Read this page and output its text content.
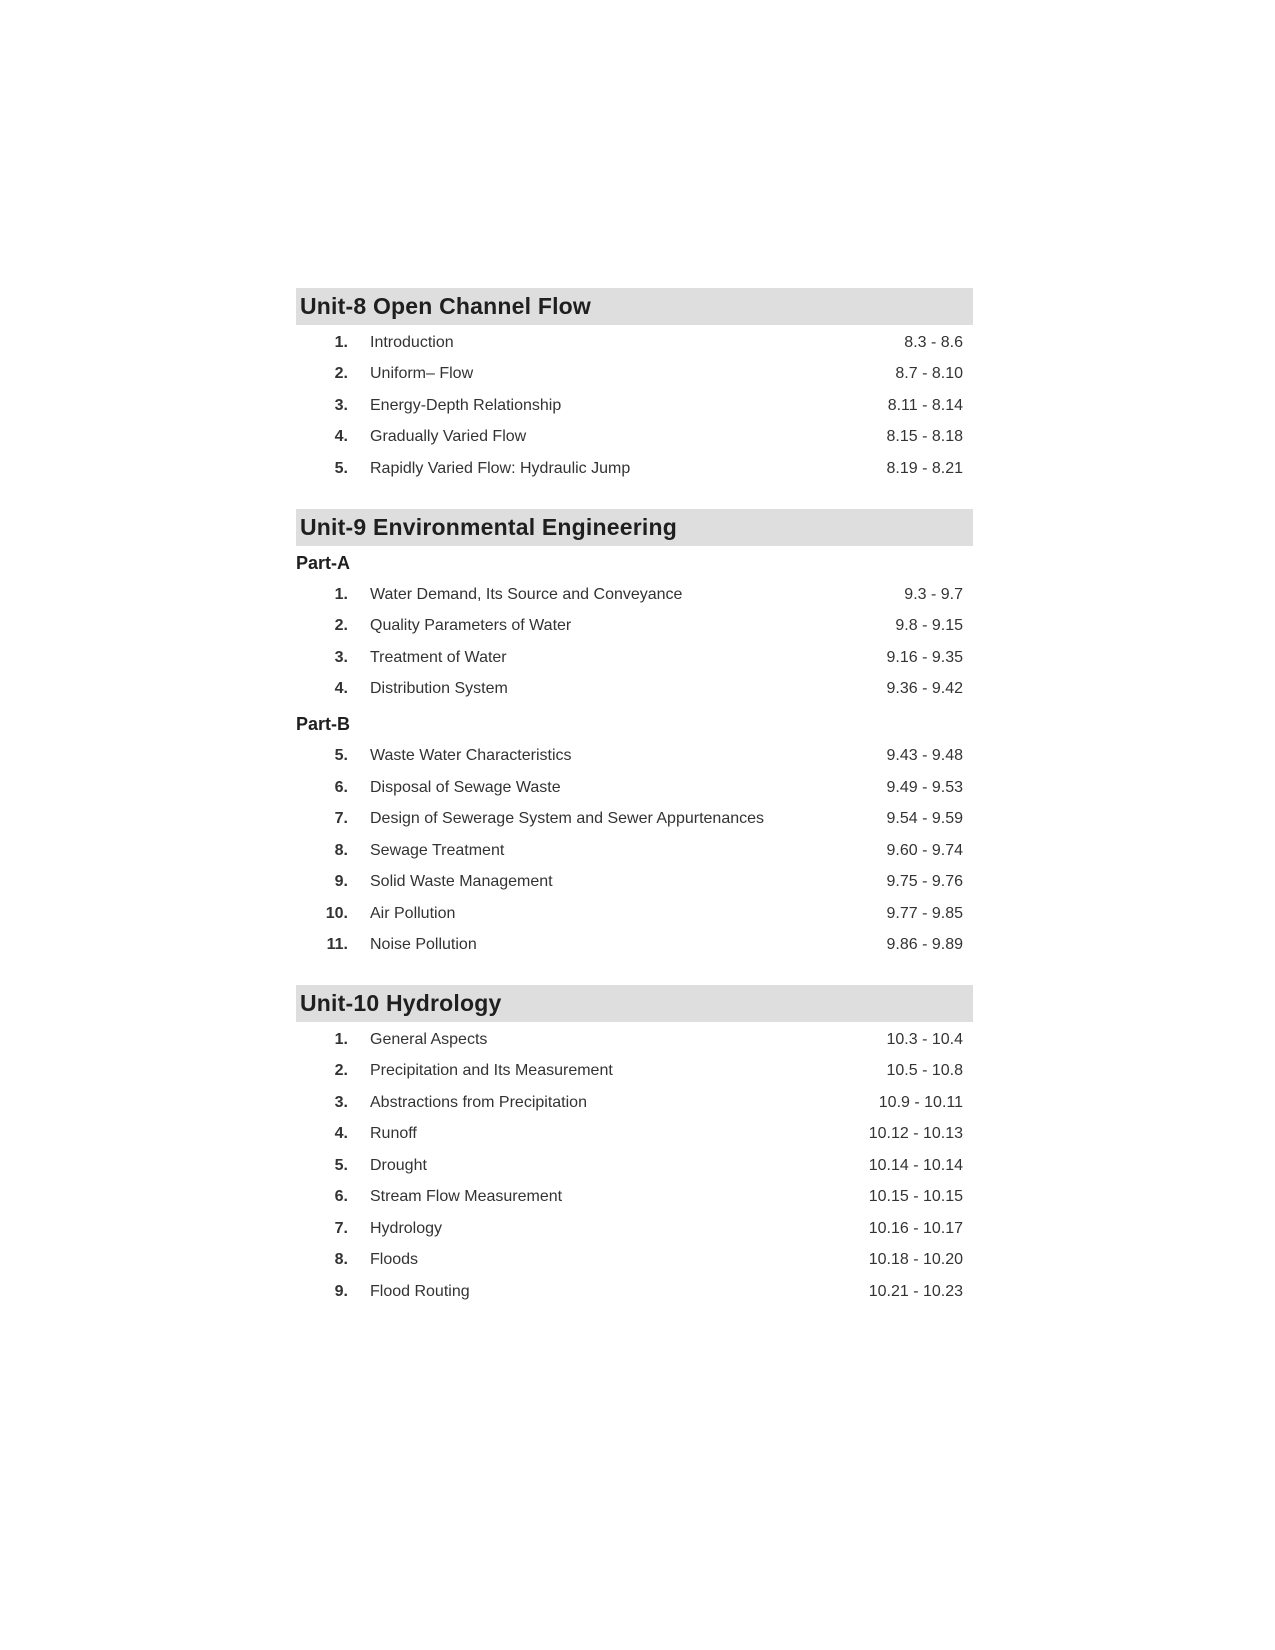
Unit-8 Open Channel Flow
1. Introduction	8.3 - 8.6
2. Uniform– Flow	8.7 - 8.10
3. Energy-Depth Relationship	8.11 - 8.14
4. Gradually Varied Flow	8.15 - 8.18
5. Rapidly Varied Flow: Hydraulic Jump	8.19 - 8.21
Unit-9 Environmental Engineering
Part-A
1. Water Demand, Its Source and Conveyance	9.3 - 9.7
2. Quality Parameters of Water	9.8 - 9.15
3. Treatment of Water	9.16 - 9.35
4. Distribution System	9.36 - 9.42
Part-B
5. Waste Water Characteristics	9.43 - 9.48
6. Disposal of Sewage Waste	9.49 - 9.53
7. Design of Sewerage System and Sewer Appurtenances	9.54 - 9.59
8. Sewage Treatment	9.60 - 9.74
9. Solid Waste Management	9.75 - 9.76
10. Air Pollution	9.77 - 9.85
11. Noise Pollution	9.86 - 9.89
Unit-10 Hydrology
1. General Aspects	10.3 - 10.4
2. Precipitation and Its Measurement	10.5 - 10.8
3. Abstractions from Precipitation	10.9 - 10.11
4. Runoff	10.12 - 10.13
5. Drought	10.14 - 10.14
6. Stream Flow Measurement	10.15 - 10.15
7. Hydrology	10.16 - 10.17
8. Floods	10.18 - 10.20
9. Flood Routing	10.21 - 10.23
